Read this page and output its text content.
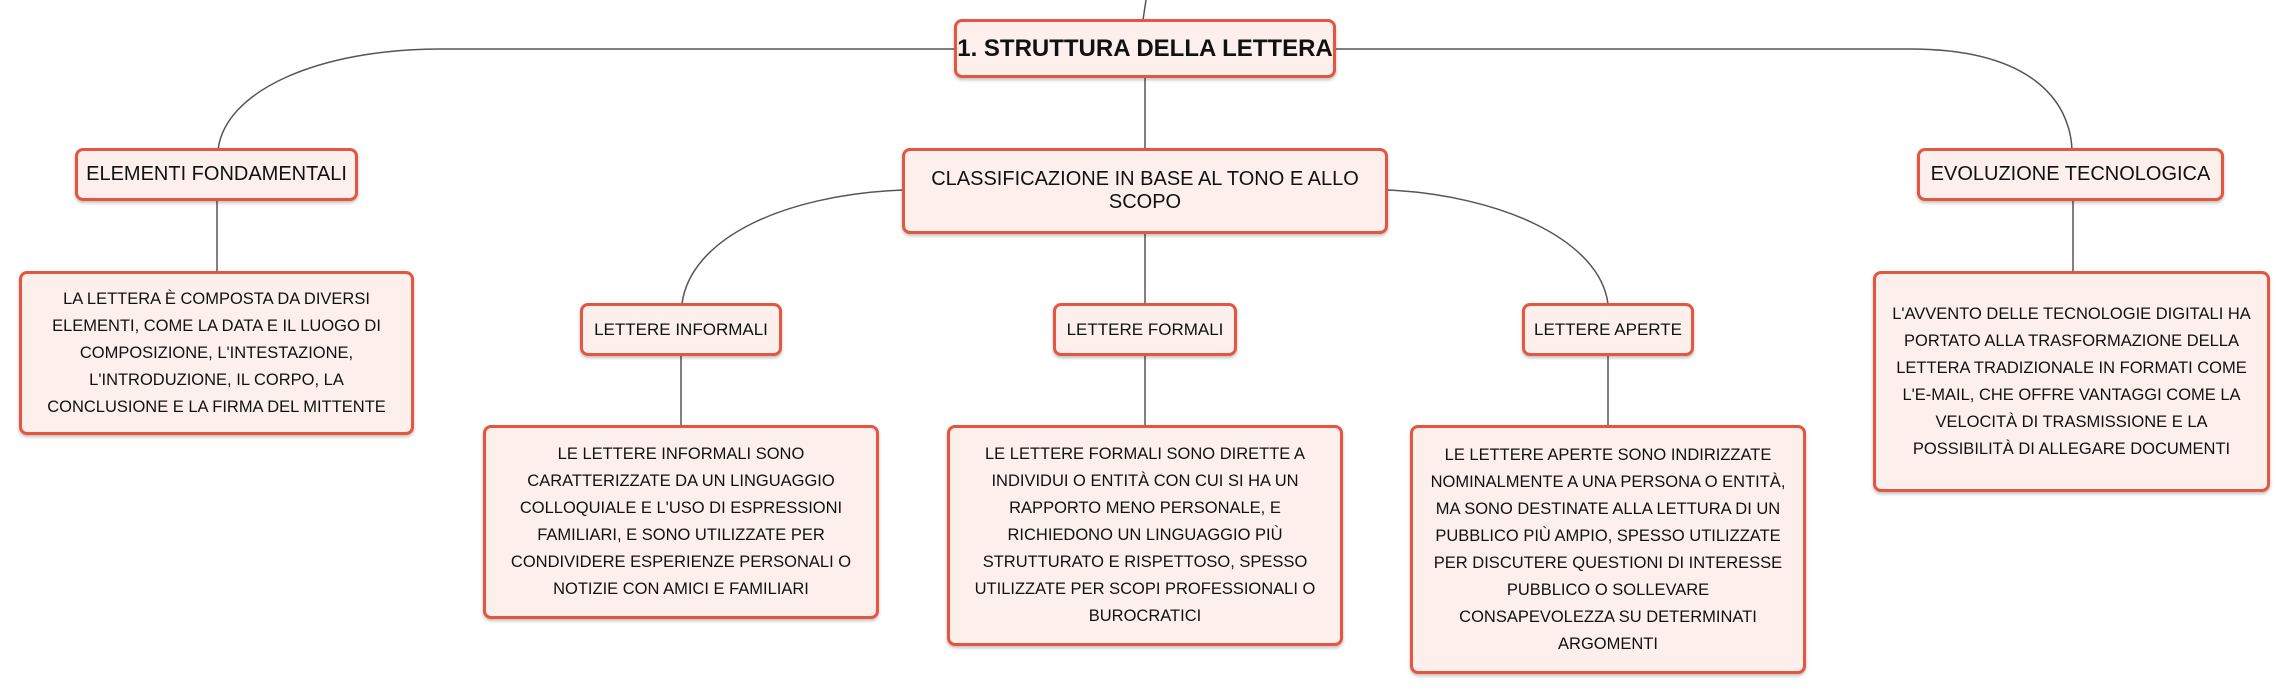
1. STRUTTURA DELLA LETTERA
ELEMENTI FONDAMENTALI
LA LETTERA È COMPOSTA DA DIVERSI ELEMENTI, COME LA DATA E IL LUOGO DI COMPOSIZIONE, L'INTESTAZIONE, L'INTRODUZIONE, IL CORPO, LA CONCLUSIONE E LA FIRMA DEL MITTENTE
CLASSIFICAZIONE IN BASE AL TONO E ALLO SCOPO
LETTERE INFORMALI
LE LETTERE INFORMALI SONO CARATTERIZZATE DA UN LINGUAGGIO COLLOQUIALE E L'USO DI ESPRESSIONI FAMILIARI, E SONO UTILIZZATE PER CONDIVIDERE ESPERIENZE PERSONALI O NOTIZIE CON AMICI E FAMILIARI
LETTERE FORMALI
LE LETTERE FORMALI SONO DIRETTE A INDIVIDUI O ENTITÀ CON CUI SI HA UN RAPPORTO MENO PERSONALE, E RICHIEDONO UN LINGUAGGIO PIÙ STRUTTURATO E RISPETTOSO, SPESSO UTILIZZATE PER SCOPI PROFESSIONALI O BUROCRATICI
LETTERE APERTE
LE LETTERE APERTE SONO INDIRIZZATE NOMINALMENTE A UNA PERSONA O ENTITÀ, MA SONO DESTINATE ALLA LETTURA DI UN PUBBLICO PIÙ AMPIO, SPESSO UTILIZZATE PER DISCUTERE QUESTIONI DI INTERESSE PUBBLICO O SOLLEVARE CONSAPEVOLEZZA SU DETERMINATI ARGOMENTI
EVOLUZIONE TECNOLOGICA
L'AVVENTO DELLE TECNOLOGIE DIGITALI HA PORTATO ALLA TRASFORMAZIONE DELLA LETTERA TRADIZIONALE IN FORMATI COME L'E-MAIL, CHE OFFRE VANTAGGI COME LA VELOCITÀ DI TRASMISSIONE E LA POSSIBILITÀ DI ALLEGARE DOCUMENTI
